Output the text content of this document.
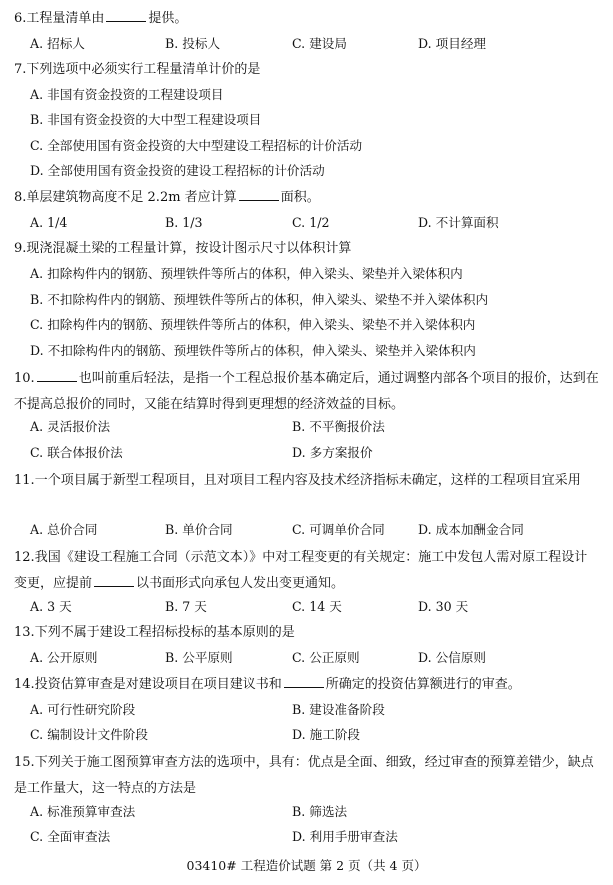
6.工程量清单由	提供。
A. 招标人	B. 投标人	C. 建设局	D. 项目经理
7.下列选项中必须实行工程量清单计价的是
A. 非国有资金投资的工程建设项目
B. 非国有资金投资的大中型工程建设项目
C. 全部使用国有资金投资的大中型建设工程招标的计价活动
D. 全部使用国有资金投资的建设工程招标的计价活动
8.单层建筑物高度不足 2.2m 者应计算	面积。
A. 1/4	B. 1/3	C. 1/2	D. 不计算面积
9.现浇混凝土梁的工程量计算，按设计图示尺寸以体积计算
A. 扣除构件内的钢筋、预埋铁件等所占的体积，伸入梁头、梁垫并入梁体积内
B. 不扣除构件内的钢筋、预埋铁件等所占的体积，伸入梁头、梁垫不并入梁体积内
C. 扣除构件内的钢筋、预埋铁件等所占的体积，伸入梁头、梁垫不并入梁体积内
D. 不扣除构件内的钢筋、预埋铁件等所占的体积，伸入梁头、梁垫并入梁体积内
10.	也叫前重后轻法，是指一个工程总报价基本确定后，通过调整内部各个项目的报价，达到在不提高总报价的同时，又能在结算时得到更理想的经济效益的目标。
A. 灵活报价法	B. 不平衡报价法
C. 联合体报价法	D. 多方案报价
11.一个项目属于新型工程项目，且对项目工程内容及技术经济指标未确定，这样的工程项目宜采用
A. 总价合同	B. 单价合同	C. 可调单价合同	D. 成本加酬金合同
12.我国《建设工程施工合同（示范文本）》中对工程变更的有关规定：施工中发包人需对原工程设计变更，应提前	以书面形式向承包人发出变更通知。
A. 3 天	B. 7 天	C. 14 天	D. 30 天
13.下列不属于建设工程招标投标的基本原则的是
A. 公开原则	B. 公平原则	C. 公正原则	D. 公信原则
14.投资估算审查是对建设项目在项目建议书和	所确定的投资估算额进行的审查。
A. 可行性研究阶段	B. 建设准备阶段
C. 编制设计文件阶段	D. 施工阶段
15.下列关于施工图预算审查方法的选项中，具有：优点是全面、细致，经过审查的预算差错少，缺点是工作量大，这一特点的方法是
A. 标准预算审查法	B. 筛选法
C. 全面审查法	D. 利用手册审查法
03410# 工程造价试题 第 2 页（共 4 页）
